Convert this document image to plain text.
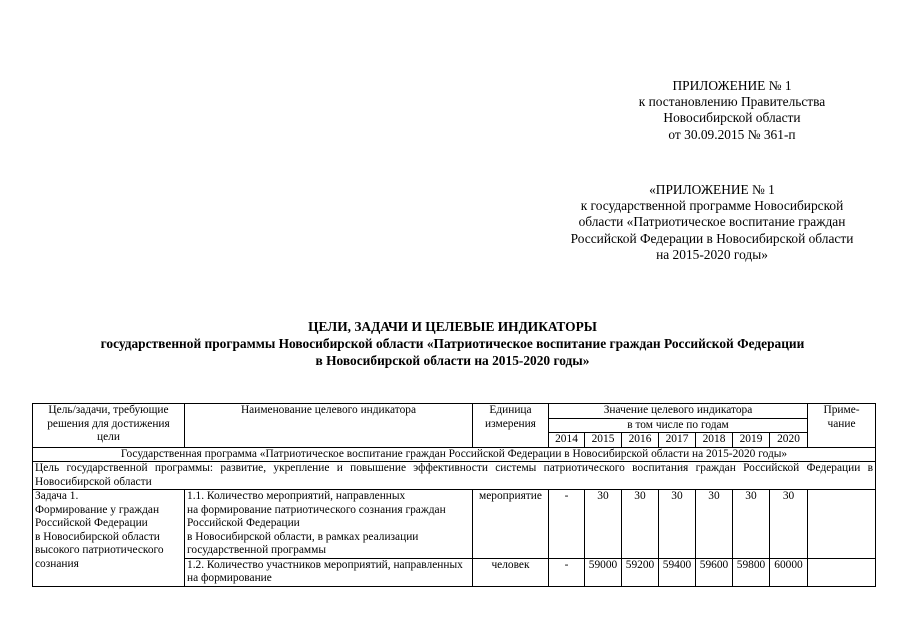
ПРИЛОЖЕНИЕ № 1
к постановлению Правительства
Новосибирской области
от 30.09.2015 № 361-п
«ПРИЛОЖЕНИЕ № 1
к государственной программе Новосибирской
области «Патриотическое воспитание граждан
Российской Федерации в Новосибирской области
на 2015-2020 годы»
ЦЕЛИ, ЗАДАЧИ И ЦЕЛЕВЫЕ ИНДИКАТОРЫ
государственной программы Новосибирской области «Патриотическое воспитание граждан Российской Федерации
в Новосибирской области на 2015-2020 годы»
Цель/задачи, требующие решения для достижения цели	Наименование целевого индикатора	Единица измерения	Значение целевого индикатора							Приме-чание
			в том числе по годам							
			2014	2015	2016	2017	2018	2019	2020	
Государственная программа «Патриотическое воспитание граждан Российской Федерации в Новосибирской области на 2015-2020 годы»										
Цель государственной программы: развитие, укрепление и повышение эффективности системы патриотического воспитания граждан Российской Федерации в Новосибирской области										
Задача 1.
Формирование у граждан Российской Федерации
в Новосибирской области высокого патриотического сознания	1.1. Количество мероприятий, направленных
на формирование патриотического сознания граждан Российской Федерации
в Новосибирской области, в рамках реализации государственной программы	мероприятие	-	30	30	30	30	30	30	
	1.2. Количество участников мероприятий, направленных на формирование	человек	-	59000	59200	59400	59600	59800	60000	
